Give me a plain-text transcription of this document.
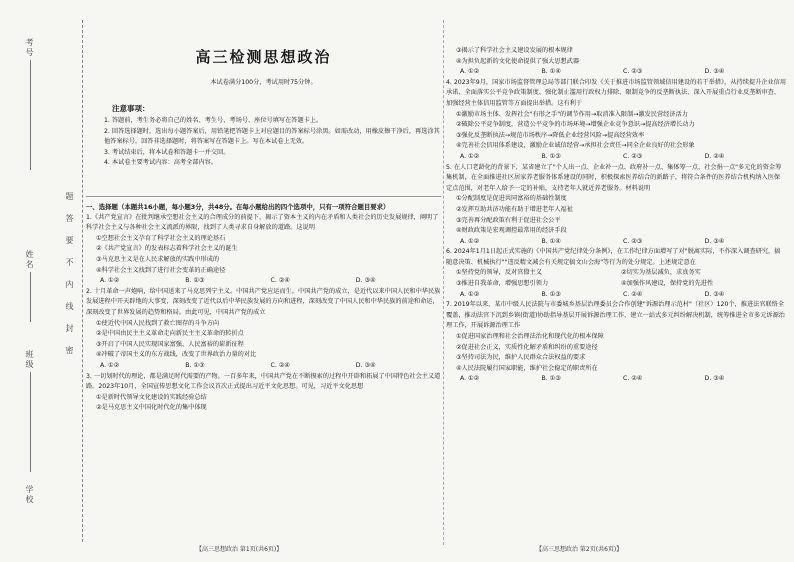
考号
姓名
班级
学校
题答要不内线封密
高三检测思想政治
本试卷满分100分，考试用时75分钟。
注意事项：
1. 答题前，考生务必将自己的姓名、考生号、考场号、座位号填写在答题卡上。
2. 回答选择题时，选出每小题答案后，用铅笔把答题卡上对应题目的答案标号涂黑。如需改动，用橡皮擦干净后，再选涂其他答案标号。回答非选择题时，将答案写在答题卡上。写在本试卷上无效。
3. 考试结束后，将本试卷和答题卡一并交回。
4. 本试卷主要考试内容：高考全部内容。
一、选择题（本题共16小题，每小题3分，共48分。在每小题给出的四个选项中，只有一项符合题目要求）
1.《共产党宣言》在批判继承空想社会主义的合理成分的前提下，揭示了资本主义的内在矛盾和人类社会的历史发展规律，阐明了科学社会主义与各种社会主义流派的界限，找到了人类寻求自身解放的道路。这说明
①空想社会主义孕育了科学社会主义的理论基石
②《共产党宣言》的发表标志着科学社会主义的诞生
③马克思主义是在人民求解放的实践中形成的
④科学社会主义找到了进行社会变革的正确途径
A. ①②	B. ①③	C. ②④	D. ③④
2. 十月革命一声炮响，给中国送来了马克思列宁主义。中国共产党应运而生。中国共产党的成立，是近代以来中国人民和中华民族发展进程中开天辟地的大事变，深刻改变了近代以后中华民族发展的方向和进程，深刻改变了中国人民和中华民族的前途和命运，深刻改变了世界发展的趋势和格局。由此可见，中国共产党的成立
①使近代中国人民找到了救亡图存的斗争方向
②是中国由民主主义革命走向新民主主义革命的转折点
③开启了中国人民实现国家富强、人民富裕的崭新征程
④冲破了帝国主义的东方战线，改变了世界政治力量的对比
A. ①②	B. ①③	C. ②④	D. ③④
3. 一切划时代的理论，都是满足时代需要的产物。一百多年来，中国共产党在不断摸索的过程中开辟和拓展了中国特色社会主义道路。2023年10月，全国宣传思想文化工作会议首次正式提出习近平文化思想。可见，习近平文化思想
①是新时代领导文化建设的实践经验总结
②是马克思主义中国化时代化的集中体现
【高三思想政治 第1页(共6页)】
③揭示了科学社会主义建设发展的根本规律
④为担负起新的文化使命提供了强大思想武器
A. ①②	B. ①④	C. ②③	D. ③④
4. 2023年9月，国家市场监督管理总局等部门联合印发《关于推进市场监管领域信用建设的若干举措》，从持续提升企业信用承诺、全面落实公平竞争政策制度、强化制止滥用行政权力排除、限制竞争的反垄断执法、深入开展重点行业反垄断审查、加强经营主体信用监管等方面提出举措。这有利于
①激励市场主体、发挥社会"有形之手"的调节作用→取消准入限制→激发民营经济活力
②破除公平竞争制度，营造公平竞争的市场环境→增强企业竞争意识→提高经济增长动力
③强化反垄断执法→规范市场秩序→降低企业经营风险→提高经营效率
④完善社会信用体系建设，激励企业诚信经营→承担社会责任→同全企业良好的社会形象
A. ①②	B. ①③	C. ②③	D. ②④
5. 在人口老龄化的背景下，某省建立了"个人出一点、企业补一点、政府补一点、集体筹一点、社会捐一点"多元化的资金筹集机制，在全面推进社区居家养老服务体系建设的同时，积极探索医养结合的新路子，将符合条件的医养结合机构纳入医保定点范围，对老年人给予一定的补贴，支持老年人就近养老服务。材料说明
①分配制度是促进共同富裕的基础性制度
②发挥互助共济功能有助于增进老年人福祉
③完善再分配政策有利于促进社会公平
④财政政策是宏观调控最常用的经济手段
A. ①②	B. ①④	C. ②③	D. ③④
6. 2024年1月1日起正式实施的《中国共产党纪律处分条例》，在工作纪律方面增写了对"脱离实际，不作深入调查研究，搞随意决策、机械执行""违反精文减会有关规定搞文山会海"等行为的处分规定。上述规定意在
①坚持党的领导，反对官僚主义	②切实为基层减负，求真务实
③推进自我革命，增强思想引领力	④加强作风建设，保持党的先进性
A. ①②	B. ①③	C. ②④	D. ③④
7. 2019年以来，某市中级人民法院与市委城乡基层治理委员会合作创建"诉源治理示范村"（社区）120个，推进法官联络全覆盖，推动法官下沉到乡镇(街道)协助指导基层开展诉源治理工作，建立一站式多元纠纷解决机制，统筹推进全市多元诉源治理工作，开展诉源治理工作
①促进国家治理和社会治理法治化和现代化的根本保障
②促进社会正义，实质性化解矛盾和纠纷的重要途径
③坚持司法为民，维护人民群众合法权益的要求
④人民法院履行国家职能，维护社会稳定的职责所在
A. ①②	B. ①③	C. ②④	D. ③④
【高三思想政治 第2页(共6页)】
